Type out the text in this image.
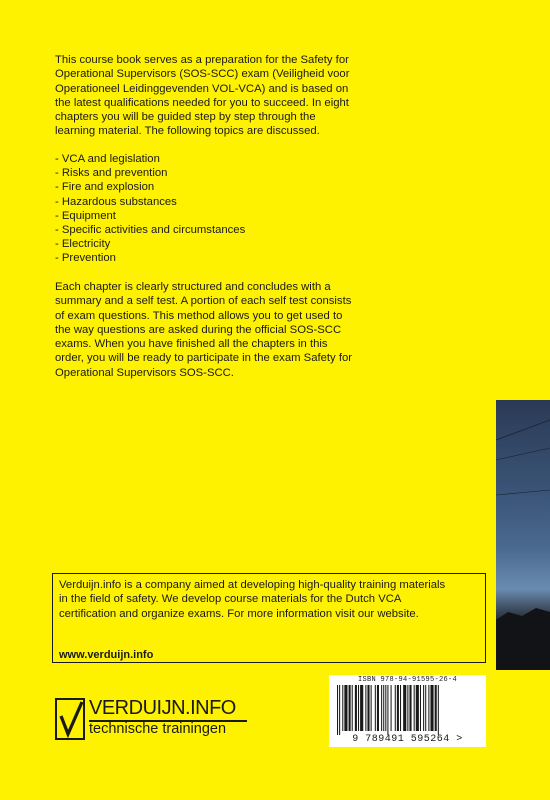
This course book serves as a preparation for the Safety for

Operational Supervisors (SOS-SCC) exam (Veiligheid voor

Operationeel Leidinggevenden VOL-VCA) and is based on

the latest qualifications needed for you to succeed. In eight

chapters you will be guided step by step through the

learning material. The following topics are discussed.

- VCA and legislation
- Risks and prevention
- Fire and explosion
- Hazardous substances
- Equipment
- Specific activities and circumstances
- Electricity
- Prevention

Each chapter is clearly structured and concludes with a

summary and a self test. A portion of each self test consists

of exam questions. This method allows you to get used to

the way questions are asked during the official SOS-SCC

exams. When you have finished all the chapters in this

order, you will be ready to participate in the exam Safety for

Operational Supervisors SOS-SCC.

Verduijn.info is a company aimed at developing high-quality training materials

in the field of safety. We develop course materials for the Dutch VCA

certification and organize exams. For more information visit our website.

www.verduijn.info
VERDUIJN.INFO
technische trainingen
ISBN 978-94-91595-26-4
9 789491 595264 >
